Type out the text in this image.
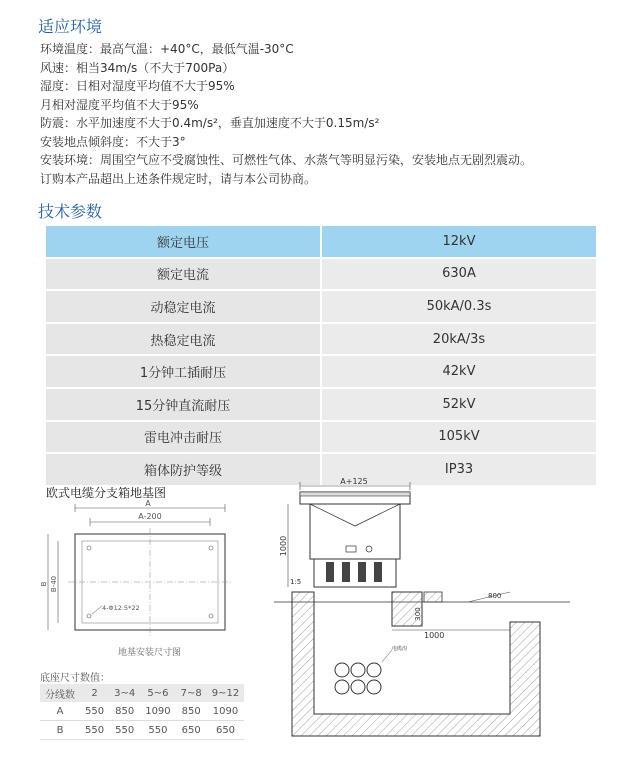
适应环境
环境温度：最高气温：+40°C，最低气温-30°C
风速：相当34m/s（不大于700Pa）
湿度：日相对湿度平均值不大于95%
月相对湿度平均值不大于95%
防震：水平加速度不大于0.4m/s²，垂直加速度不大于0.15m/s²
安装地点倾斜度：不大于3°
安装环境：周围空气应不受腐蚀性、可燃性气体、水蒸气等明显污染，安装地点无剧烈震动。
订购本产品超出上述条件规定时，请与本公司协商。
技术参数
额定电压	12kV
额定电流	630A
动稳定电流	50kA/0.3s
热稳定电流	20kA/3s
1分钟工插耐压	42kV
15分钟直流耐压	52kV
雷电冲击耐压	105kV
箱体防护等级	IP33
欧式电缆分支箱地基图
A
A-200
B B-40
4-Φ12.5*22
地基安装尺寸图
底座尺寸数值：
分线数	2	3~4	5~6	7~8	9~12
A	550	850	1090	850	1090
B	550	550	550	650	650
A+125
1000
1:5
300
1000
800
电缆沟
